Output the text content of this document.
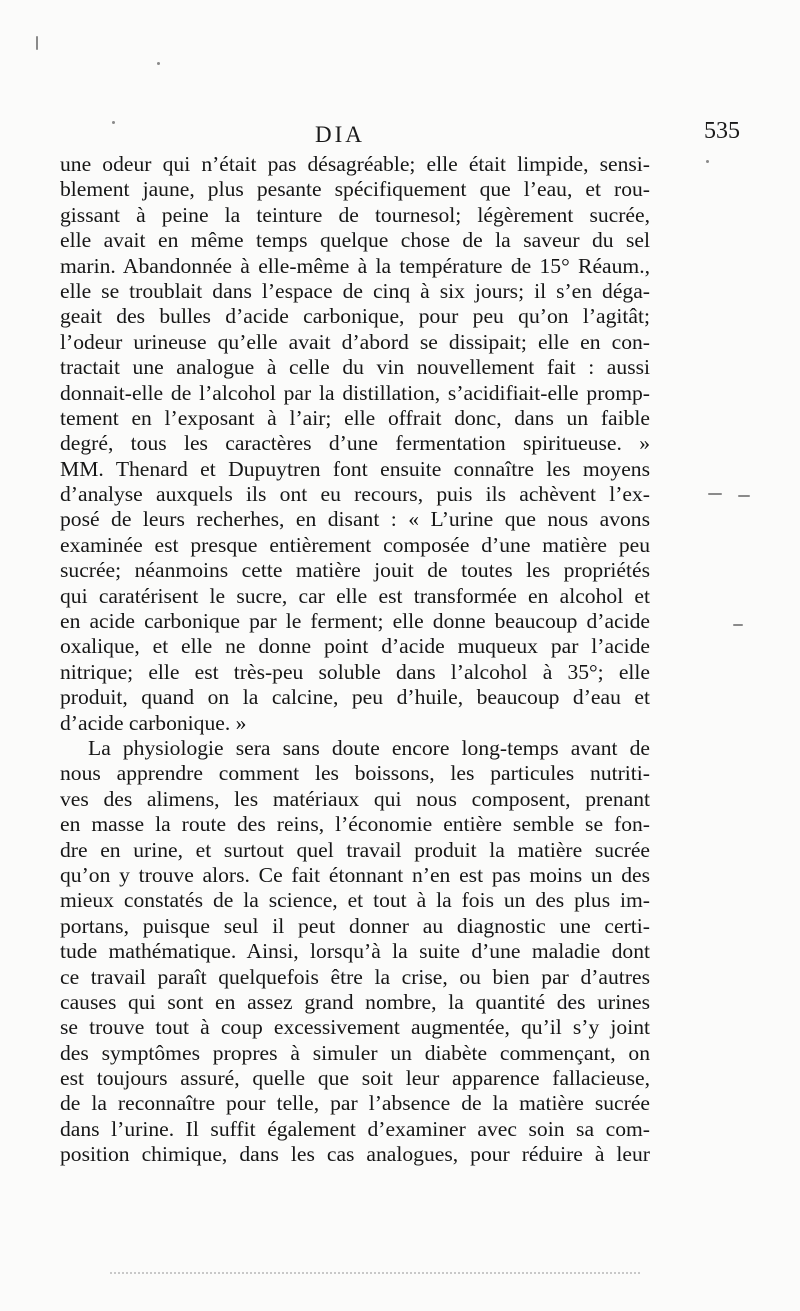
DIA	535
une odeur qui n’était pas désagréable; elle était limpide, sensi-
blement jaune, plus pesante spécifiquement que l’eau, et rou-
gissant à peine la teinture de tournesol; légèrement sucrée,
elle avait en même temps quelque chose de la saveur du sel
marin. Abandonnée à elle-même à la température de 15° Réaum.,
elle se troublait dans l’espace de cinq à six jours; il s’en déga-
geait des bulles d’acide carbonique, pour peu qu’on l’agitât;
l’odeur urineuse qu’elle avait d’abord se dissipait; elle en con-
tractait une analogue à celle du vin nouvellement fait : aussi
donnait-elle de l’alcohol par la distillation, s’acidifiait-elle promp-
tement en l’exposant à l’air; elle offrait donc, dans un faible
degré, tous les caractères d’une fermentation spiritueuse. »
MM. Thenard et Dupuytren font ensuite connaître les moyens
d’analyse auxquels ils ont eu recours, puis ils achèvent l’ex-
posé de leurs recherhes, en disant : « L’urine que nous avons
examinée est presque entièrement composée d’une matière peu
sucrée; néanmoins cette matière jouit de toutes les propriétés
qui caratérisent le sucre, car elle est transformée en alcohol et
en acide carbonique par le ferment; elle donne beaucoup d’acide
oxalique, et elle ne donne point d’acide muqueux par l’acide
nitrique; elle est très-peu soluble dans l’alcohol à 35°; elle
produit, quand on la calcine, peu d’huile, beaucoup d’eau et
d’acide carbonique. »
La physiologie sera sans doute encore long-temps avant de
nous apprendre comment les boissons, les particules nutriti-
ves des alimens, les matériaux qui nous composent, prenant
en masse la route des reins, l’économie entière semble se fon-
dre en urine, et surtout quel travail produit la matière sucrée
qu’on y trouve alors. Ce fait étonnant n’en est pas moins un des
mieux constatés de la science, et tout à la fois un des plus im-
portans, puisque seul il peut donner au diagnostic une certi-
tude mathématique. Ainsi, lorsqu’à la suite d’une maladie dont
ce travail paraît quelquefois être la crise, ou bien par d’autres
causes qui sont en assez grand nombre, la quantité des urines
se trouve tout à coup excessivement augmentée, qu’il s’y joint
des symptômes propres à simuler un diabète commençant, on
est toujours assuré, quelle que soit leur apparence fallacieuse,
de la reconnaître pour telle, par l’absence de la matière sucrée
dans l’urine. Il suffit également d’examiner avec soin sa com-
position chimique, dans les cas analogues, pour réduire à leur
